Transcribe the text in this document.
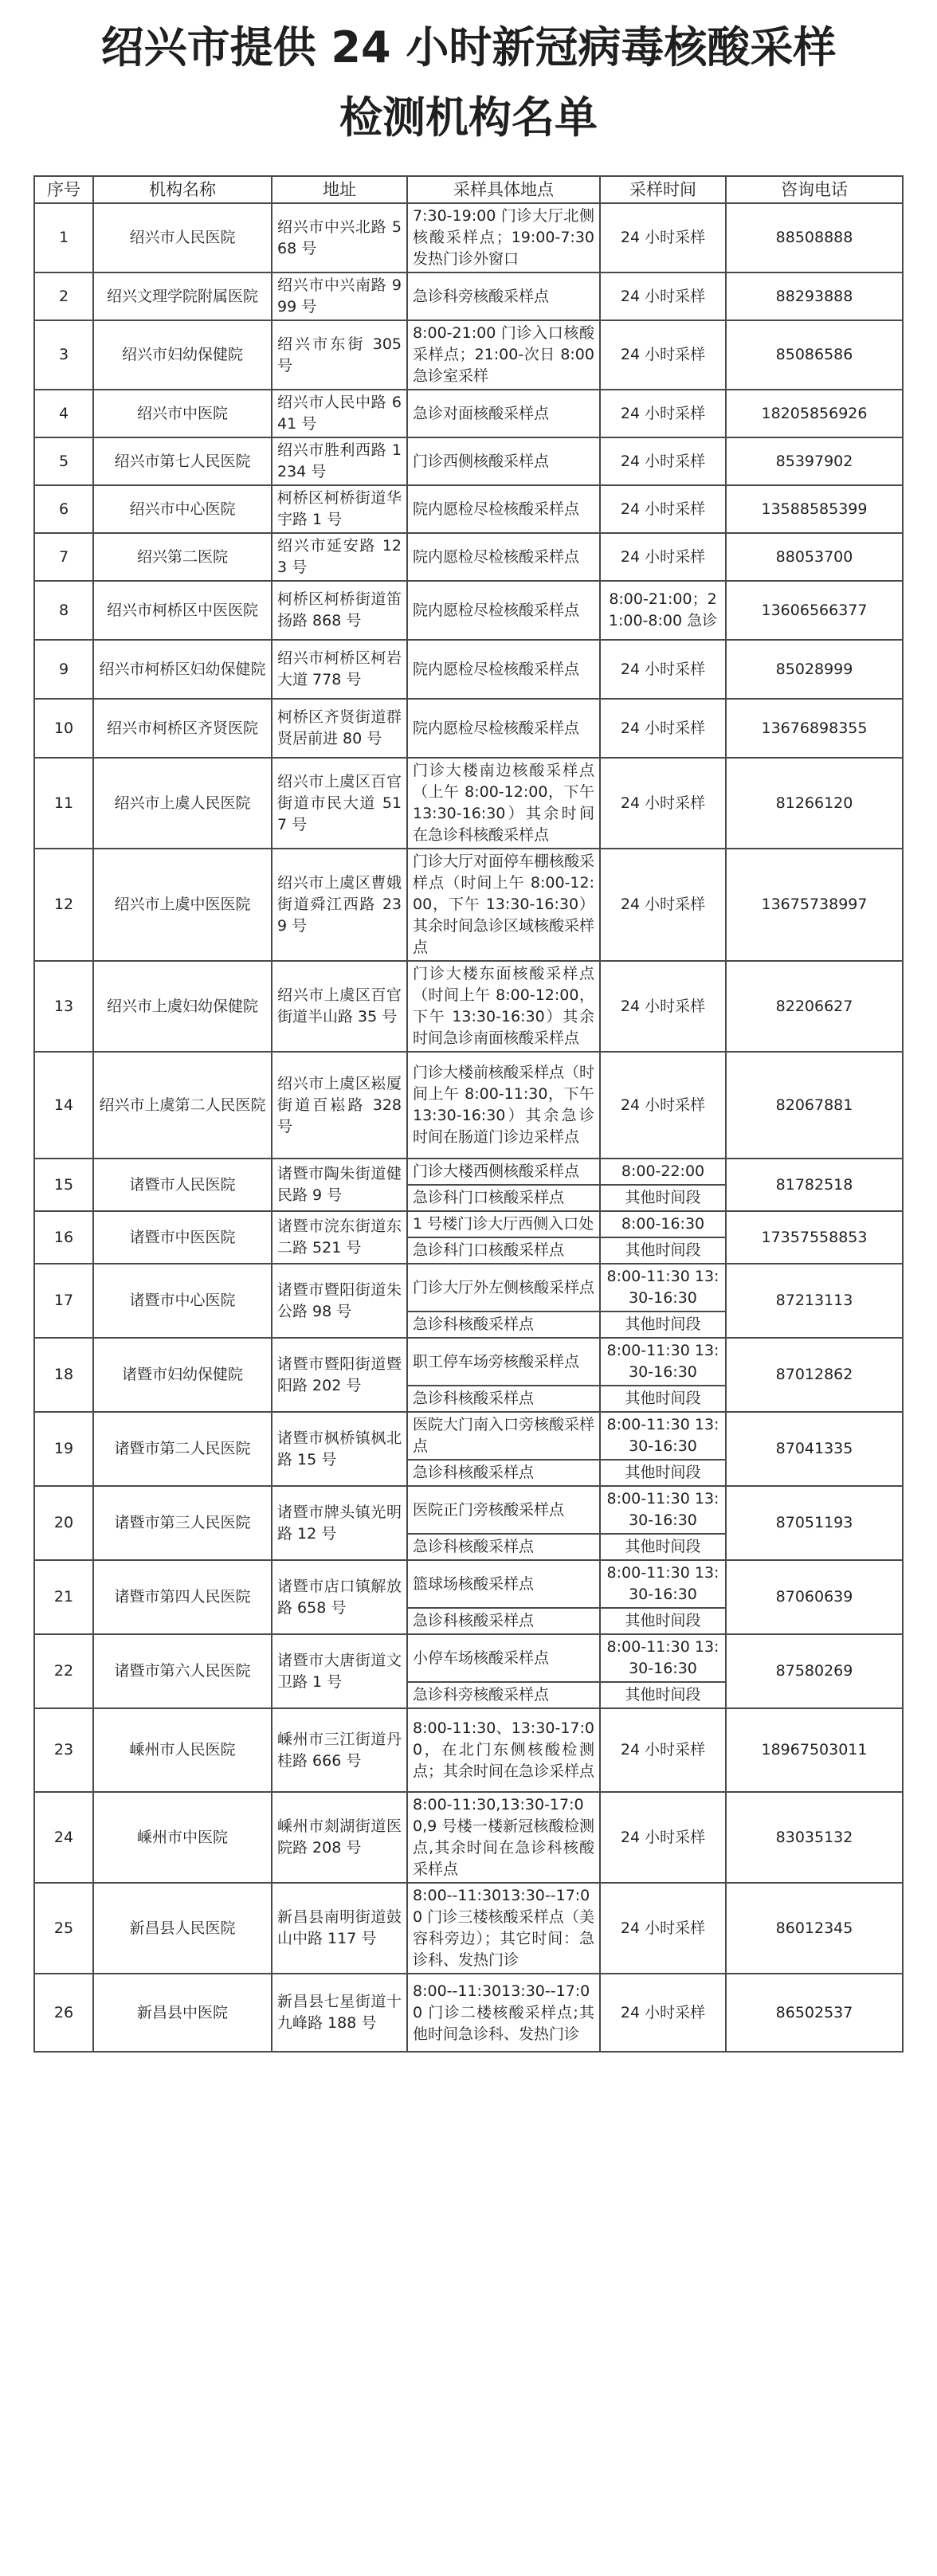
绍兴市提供 24 小时新冠病毒核酸采样
检测机构名单
序号	机构名称	地址	采样具体地点	采样时间	咨询电话
1	绍兴市人民医院	绍兴市中兴北路 568 号	7:30-19:00 门诊大厅北侧核酸采样点；19:00-7:30 发热门诊外窗口	24 小时采样	88508888
2	绍兴文理学院附属医院	绍兴市中兴南路 999 号	急诊科旁核酸采样点	24 小时采样	88293888
3	绍兴市妇幼保健院	绍兴市东街 305 号	8:00-21:00 门诊入口核酸采样点；21:00-次日 8:00 急诊室采样	24 小时采样	85086586
4	绍兴市中医院	绍兴市人民中路 641 号	急诊对面核酸采样点	24 小时采样	18205856926
5	绍兴市第七人民医院	绍兴市胜利西路 1234 号	门诊西侧核酸采样点	24 小时采样	85397902
6	绍兴市中心医院	柯桥区柯桥街道华宇路 1 号	院内愿检尽检核酸采样点	24 小时采样	13588585399
7	绍兴第二医院	绍兴市延安路 123 号	院内愿检尽检核酸采样点	24 小时采样	88053700
8	绍兴市柯桥区中医医院	柯桥区柯桥街道笛扬路 868 号	院内愿检尽检核酸采样点	8:00-21:00；21:00-8:00 急诊	13606566377
9	绍兴市柯桥区妇幼保健院	绍兴市柯桥区柯岩大道 778 号	院内愿检尽检核酸采样点	24 小时采样	85028999
10	绍兴市柯桥区齐贤医院	柯桥区齐贤街道群贤居前进 80 号	院内愿检尽检核酸采样点	24 小时采样	13676898355
11	绍兴市上虞人民医院	绍兴市上虞区百官街道市民大道 517 号	门诊大楼南边核酸采样点（上午 8:00-12:00，下午 13:30-16:30）其余时间在急诊科核酸采样点	24 小时采样	81266120
12	绍兴市上虞中医医院	绍兴市上虞区曹娥街道舜江西路 239 号	门诊大厅对面停车棚核酸采样点（时间上午 8:00-12:00，下午 13:30-16:30）其余时间急诊区域核酸采样点	24 小时采样	13675738997
13	绍兴市上虞妇幼保健院	绍兴市上虞区百官街道半山路 35 号	门诊大楼东面核酸采样点（时间上午 8:00-12:00，下午 13:30-16:30）其余时间急诊南面核酸采样点	24 小时采样	82206627
14	绍兴市上虞第二人民医院	绍兴市上虞区崧厦街道百崧路 328 号	门诊大楼前核酸采样点（时间上午 8:00-11:30，下午 13:30-16:30）其余急诊时间在肠道门诊边采样点	24 小时采样	82067881
15	诸暨市人民医院	诸暨市陶朱街道健民路 9 号	门诊大楼西侧核酸采样点	8:00-22:00	81782518
			急诊科门口核酸采样点	其他时间段	
16	诸暨市中医医院	诸暨市浣东街道东二路 521 号	1 号楼门诊大厅西侧入口处	8:00-16:30	17357558853
			急诊科门口核酸采样点	其他时间段	
17	诸暨市中心医院	诸暨市暨阳街道朱公路 98 号	门诊大厅外左侧核酸采样点	8:00-11:30 13:30-16:30	87213113
			急诊科核酸采样点	其他时间段	
18	诸暨市妇幼保健院	诸暨市暨阳街道暨阳路 202 号	职工停车场旁核酸采样点	8:00-11:30 13:30-16:30	87012862
			急诊科核酸采样点	其他时间段	
19	诸暨市第二人民医院	诸暨市枫桥镇枫北路 15 号	医院大门南入口旁核酸采样点	8:00-11:30 13:30-16:30	87041335
			急诊科核酸采样点	其他时间段	
20	诸暨市第三人民医院	诸暨市牌头镇光明路 12 号	医院正门旁核酸采样点	8:00-11:30 13:30-16:30	87051193
			急诊科核酸采样点	其他时间段	
21	诸暨市第四人民医院	诸暨市店口镇解放路 658 号	篮球场核酸采样点	8:00-11:30 13:30-16:30	87060639
			急诊科核酸采样点	其他时间段	
22	诸暨市第六人民医院	诸暨市大唐街道文卫路 1 号	小停车场核酸采样点	8:00-11:30 13:30-16:30	87580269
			急诊科旁核酸采样点	其他时间段	
23	嵊州市人民医院	嵊州市三江街道丹桂路 666 号	8:00-11:30、13:30-17:00，在北门东侧核酸检测点；其余时间在急诊采样点	24 小时采样	18967503011
24	嵊州市中医院	嵊州市剡湖街道医院路 208 号	8:00-11:30,13:30-17:00,9 号楼一楼新冠核酸检测点,其余时间在急诊科核酸采样点	24 小时采样	83035132
25	新昌县人民医院	新昌县南明街道鼓山中路 117 号	8:00--11:3013:30--17:00 门诊三楼核酸采样点（美容科旁边）；其它时间：急诊科、发热门诊	24 小时采样	86012345
26	新昌县中医院	新昌县七星街道十九峰路 188 号	8:00--11:3013:30--17:00 门诊二楼核酸采样点;其他时间急诊科、发热门诊	24 小时采样	86502537
